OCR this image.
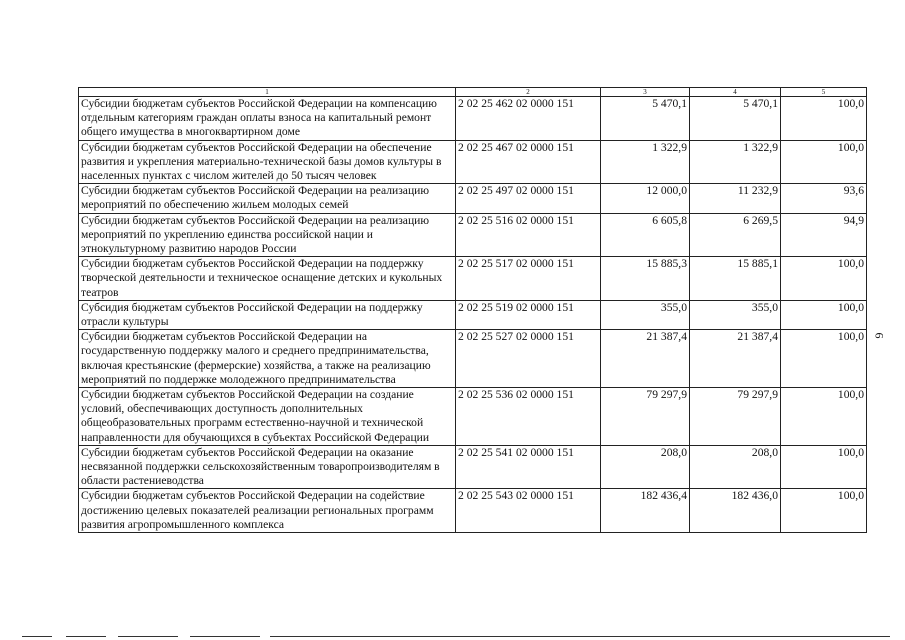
1	2	3	4	5
Субсидии бюджетам субъектов Российской Федерации на компенсацию отдельным категориям граждан оплаты взноса на капитальный ремонт общего имущества в многоквартирном доме	2 02 25 462 02 0000 151	5 470,1	5 470,1	100,0
Субсидии бюджетам субъектов Российской Федерации на обеспечение развития и укрепления материально-технической базы домов культуры в населенных пунктах с числом жителей до 50 тысяч человек	2 02 25 467 02 0000 151	1 322,9	1 322,9	100,0
Субсидии бюджетам субъектов Российской Федерации на реализацию мероприятий по обеспечению жильем молодых семей	2 02 25 497 02 0000 151	12 000,0	11 232,9	93,6
Субсидии бюджетам субъектов Российской Федерации на реализацию мероприятий по укреплению единства российской нации и этнокультурному развитию народов России	2 02 25 516 02 0000 151	6 605,8	6 269,5	94,9
Субсидии бюджетам субъектов Российской Федерации на поддержку творческой деятельности и техническое оснащение детских и кукольных театров	2 02 25 517 02 0000 151	15 885,3	15 885,1	100,0
Субсидия бюджетам субъектов Российской Федерации на поддержку отрасли культуры	2 02 25 519 02 0000 151	355,0	355,0	100,0
Субсидии бюджетам субъектов Российской Федерации на государственную поддержку малого и среднего предпринимательства, включая крестьянские (фермерские) хозяйства, а также на реализацию мероприятий по поддержке молодежного предпринимательства	2 02 25 527 02 0000 151	21 387,4	21 387,4	100,0
Субсидии бюджетам субъектов Российской Федерации на создание условий, обеспечивающих доступность дополнительных общеобразовательных программ естественно-научной и технической направленности для обучающихся в субъектах Российской Федерации	2 02 25 536 02 0000 151	79 297,9	79 297,9	100,0
Субсидии бюджетам субъектов Российской Федерации на оказание несвязанной поддержки сельскохозяйственным товаропроизводителям в области растениеводства	2 02 25 541 02 0000 151	208,0	208,0	100,0
Субсидии бюджетам субъектов Российской Федерации на содействие достижению целевых показателей реализации региональных программ развития агропромышленного комплекса	2 02 25 543 02 0000 151	182 436,4	182 436,0	100,0
6
